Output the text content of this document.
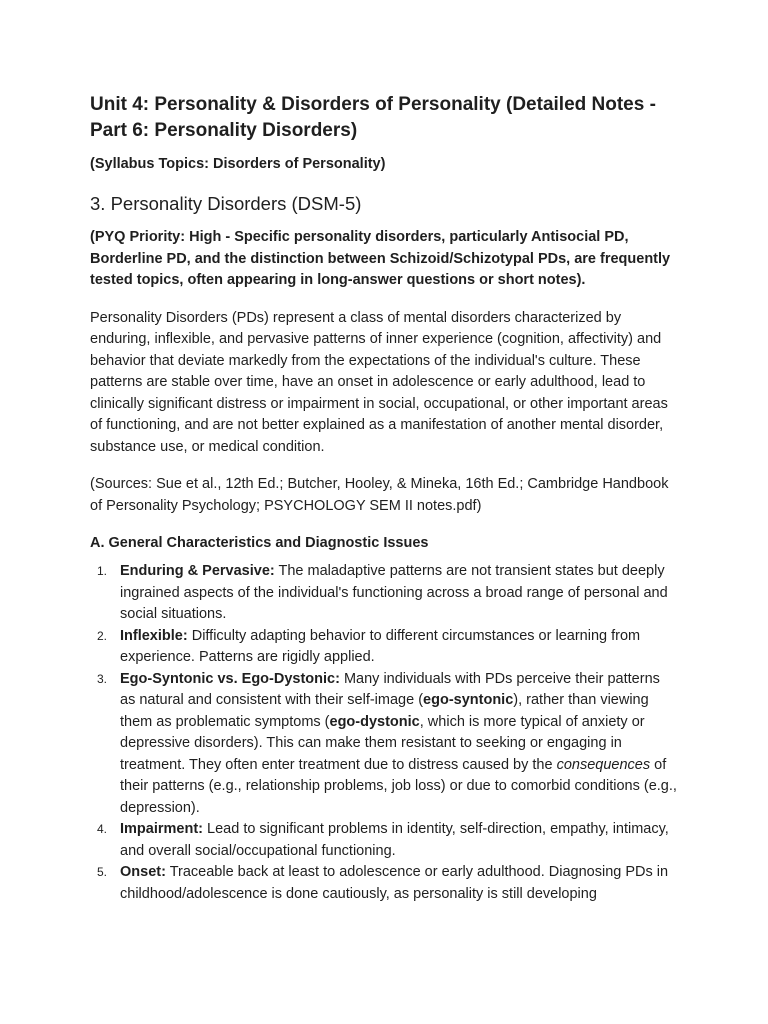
Unit 4: Personality & Disorders of Personality (Detailed Notes - Part 6: Personality Disorders)
(Syllabus Topics: Disorders of Personality)
3. Personality Disorders (DSM-5)
(PYQ Priority: High - Specific personality disorders, particularly Antisocial PD, Borderline PD, and the distinction between Schizoid/Schizotypal PDs, are frequently tested topics, often appearing in long-answer questions or short notes).

Personality Disorders (PDs) represent a class of mental disorders characterized by enduring, inflexible, and pervasive patterns of inner experience (cognition, affectivity) and behavior that deviate markedly from the expectations of the individual's culture. These patterns are stable over time, have an onset in adolescence or early adulthood, lead to clinically significant distress or impairment in social, occupational, or other important areas of functioning, and are not better explained as a manifestation of another mental disorder, substance use, or medical condition.

(Sources: Sue et al., 12th Ed.; Butcher, Hooley, & Mineka, 16th Ed.; Cambridge Handbook of Personality Psychology; PSYCHOLOGY SEM II notes.pdf)

A. General Characteristics and Diagnostic Issues
1. Enduring & Pervasive: The maladaptive patterns are not transient states but deeply ingrained aspects of the individual's functioning across a broad range of personal and social situations.
2. Inflexible: Difficulty adapting behavior to different circumstances or learning from experience. Patterns are rigidly applied.
3. Ego-Syntonic vs. Ego-Dystonic: Many individuals with PDs perceive their patterns as natural and consistent with their self-image (ego-syntonic), rather than viewing them as problematic symptoms (ego-dystonic, which is more typical of anxiety or depressive disorders). This can make them resistant to seeking or engaging in treatment. They often enter treatment due to distress caused by the consequences of their patterns (e.g., relationship problems, job loss) or due to comorbid conditions (e.g., depression).
4. Impairment: Lead to significant problems in identity, self-direction, empathy, intimacy, and overall social/occupational functioning.
5. Onset: Traceable back at least to adolescence or early adulthood. Diagnosing PDs in childhood/adolescence is done cautiously, as personality is still developing
